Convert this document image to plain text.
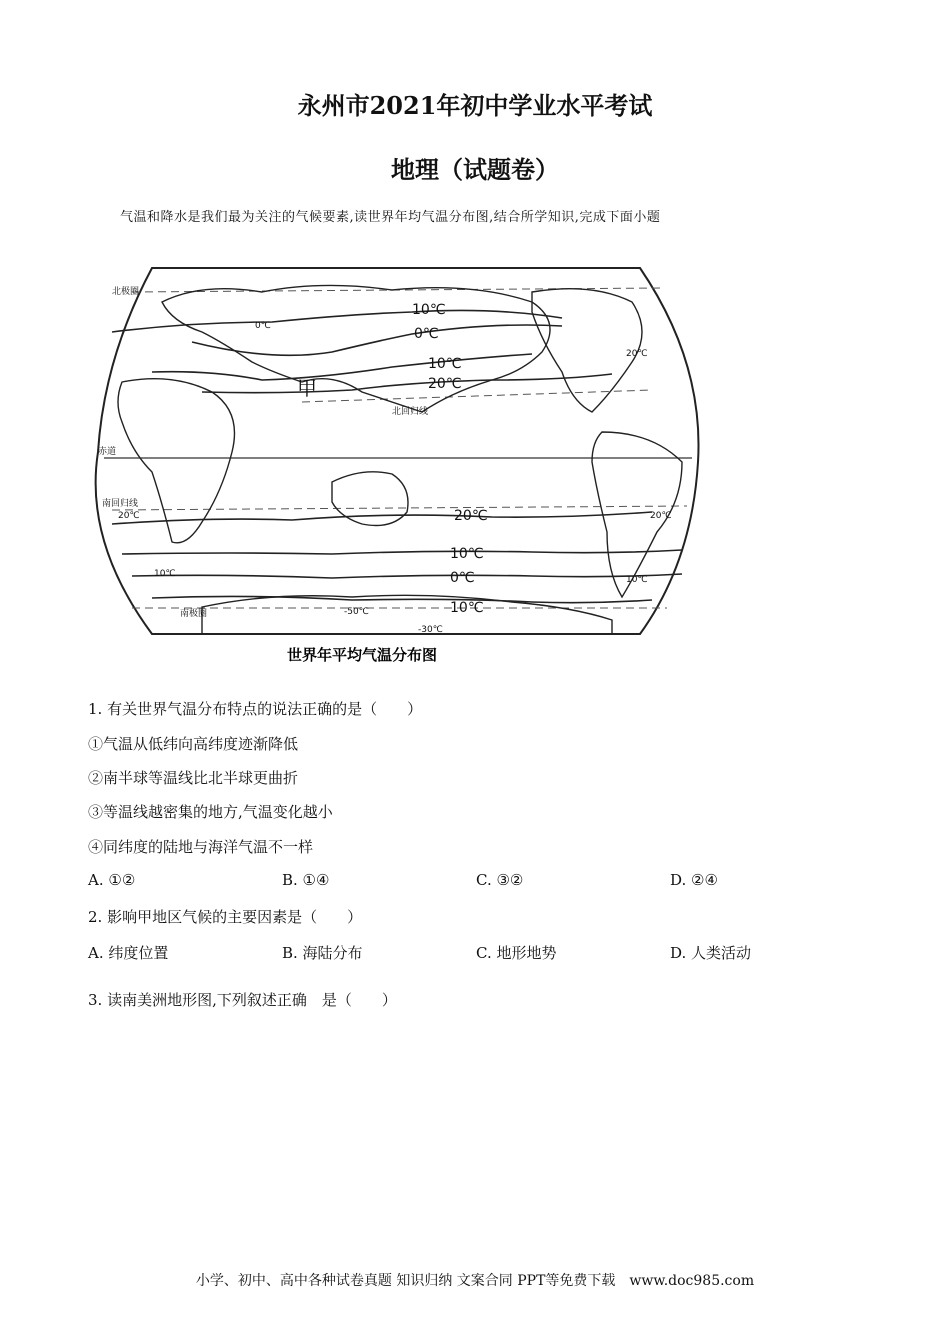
永州市2021年初中学业水平考试
地理（试题卷）
气温和降水是我们最为关注的气候要素,读世界年均气温分布图,结合所学知识,完成下面小题
10℃
0℃
10℃
20℃
甲
北回归线
赤道
南回归线
20℃
10℃
0℃
10℃
北极圈
南极圈
0℃
20℃
10℃
-50℃
-30℃
20℃
10℃
20℃
世界年平均气温分布图
1. 有关世界气温分布特点的说法正确的是（　　）
①气温从低纬向高纬度迹渐降低
②南半球等温线比北半球更曲折
③等温线越密集的地方,气温变化越小
④同纬度的陆地与海洋气温不一样
A. ①②	B. ①④	C. ③②	D. ②④
2. 影响甲地区气候的主要因素是（　　）
A. 纬度位置	B. 海陆分布	C. 地形地势	D. 人类活动
3. 读南美洲地形图,下列叙述正确　是（　　）
小学、初中、高中各种试卷真题 知识归纳 文案合同 PPT等免费下载　www.doc985.com
